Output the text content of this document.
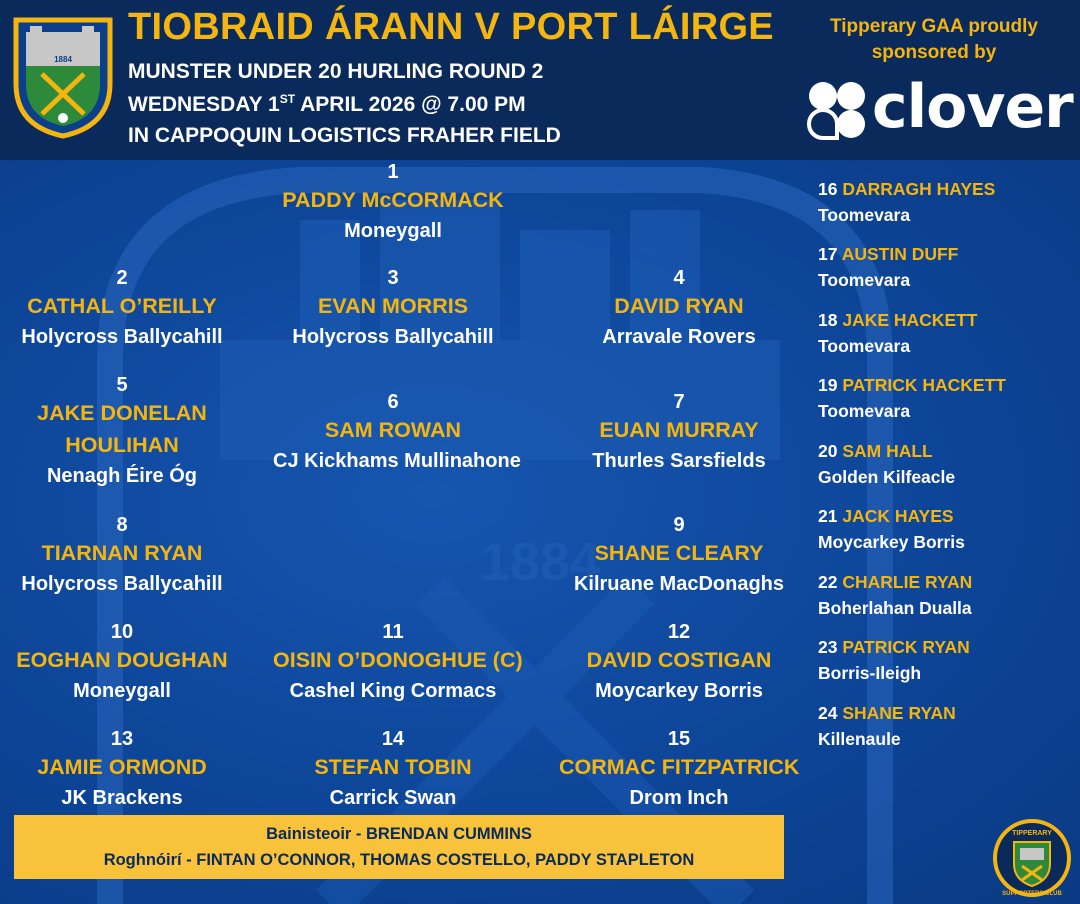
1884
1884
TIOBRAID ÁRANN V PORT LÁIRGE
MUNSTER UNDER 20 HURLING ROUND 2
WEDNESDAY 1ST APRIL 2026 @ 7.00 PM
IN CAPPOQUIN LOGISTICS FRAHER FIELD
Tipperary GAA proudly
sponsored by
clover
1
PADDY McCORMACK
Moneygall
2
CATHAL O’REILLY
Holycross Ballycahill
3
EVAN MORRIS
Holycross Ballycahill
4
DAVID RYAN
Arravale Rovers
5
JAKE DONELAN
HOULIHAN
Nenagh Éire Óg
6
SAM ROWAN
CJ Kickhams Mullinahone
7
EUAN MURRAY
Thurles Sarsfields
8
TIARNAN RYAN
Holycross Ballycahill
9
SHANE CLEARY
Kilruane MacDonaghs
10
EOGHAN DOUGHAN
Moneygall
11
OISIN O’DONOGHUE (C)
Cashel King Cormacs
12
DAVID COSTIGAN
Moycarkey Borris
13
JAMIE ORMOND
JK Brackens
14
STEFAN TOBIN
Carrick Swan
15
CORMAC FITZPATRICK
Drom Inch
16 DARRAGH HAYES
Toomevara
17 AUSTIN DUFF
Toomevara
18 JAKE HACKETT
Toomevara
19 PATRICK HACKETT
Toomevara
20 SAM HALL
Golden Kilfeacle
21 JACK HAYES
Moycarkey Borris
22 CHARLIE RYAN
Boherlahan Dualla
23 PATRICK RYAN
Borris-Ileigh
24 SHANE RYAN
Killenaule
Bainisteoir - BRENDAN CUMMINS
Roghnóirí - FINTAN O’CONNOR, THOMAS COSTELLO, PADDY STAPLETON
TIPPERARY
SUPPORTERS CLUB
